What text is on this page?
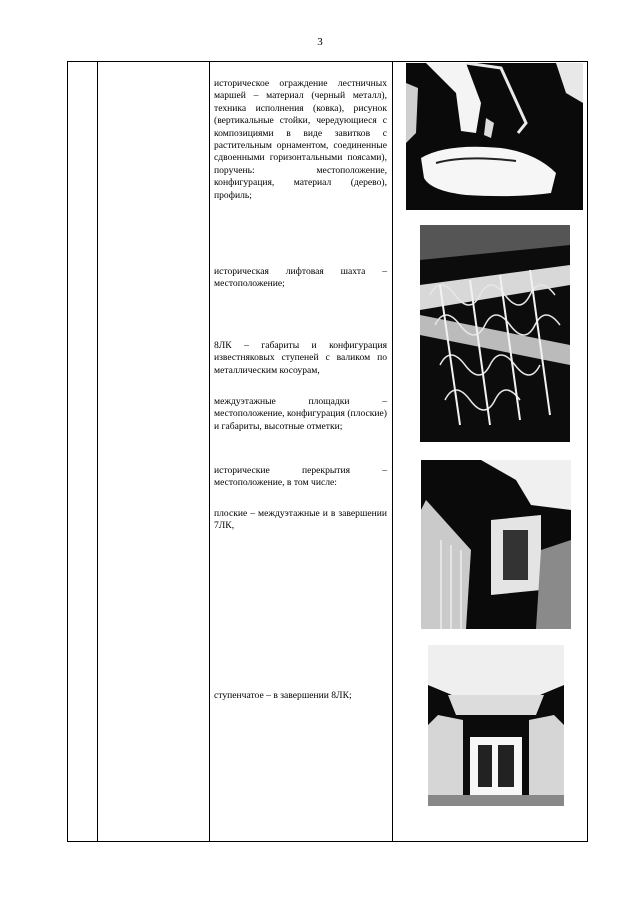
3

историческое ограждение лестничных маршей – материал (черный металл), техника исполнения (ковка), рисунок (вертикальные стойки, чередующиеся с композициями в виде завитков с растительным орнаментом, соединенные сдвоенными горизонтальными поясами), поручень: местоположение, конфигурация, материал (дерево), профиль;

историческая лифтовая шахта – местоположение;

8ЛК – габариты и конфигурация известняковых ступеней с валиком по металлическим косоурам,

междуэтажные площадки – местоположение, конфигурация (плоские) и габариты, высотные отметки;

исторические перекрытия – местоположение, в том числе:

плоские – междуэтажные и в завершении 7ЛК,

ступенчатое – в завершении 8ЛК;
